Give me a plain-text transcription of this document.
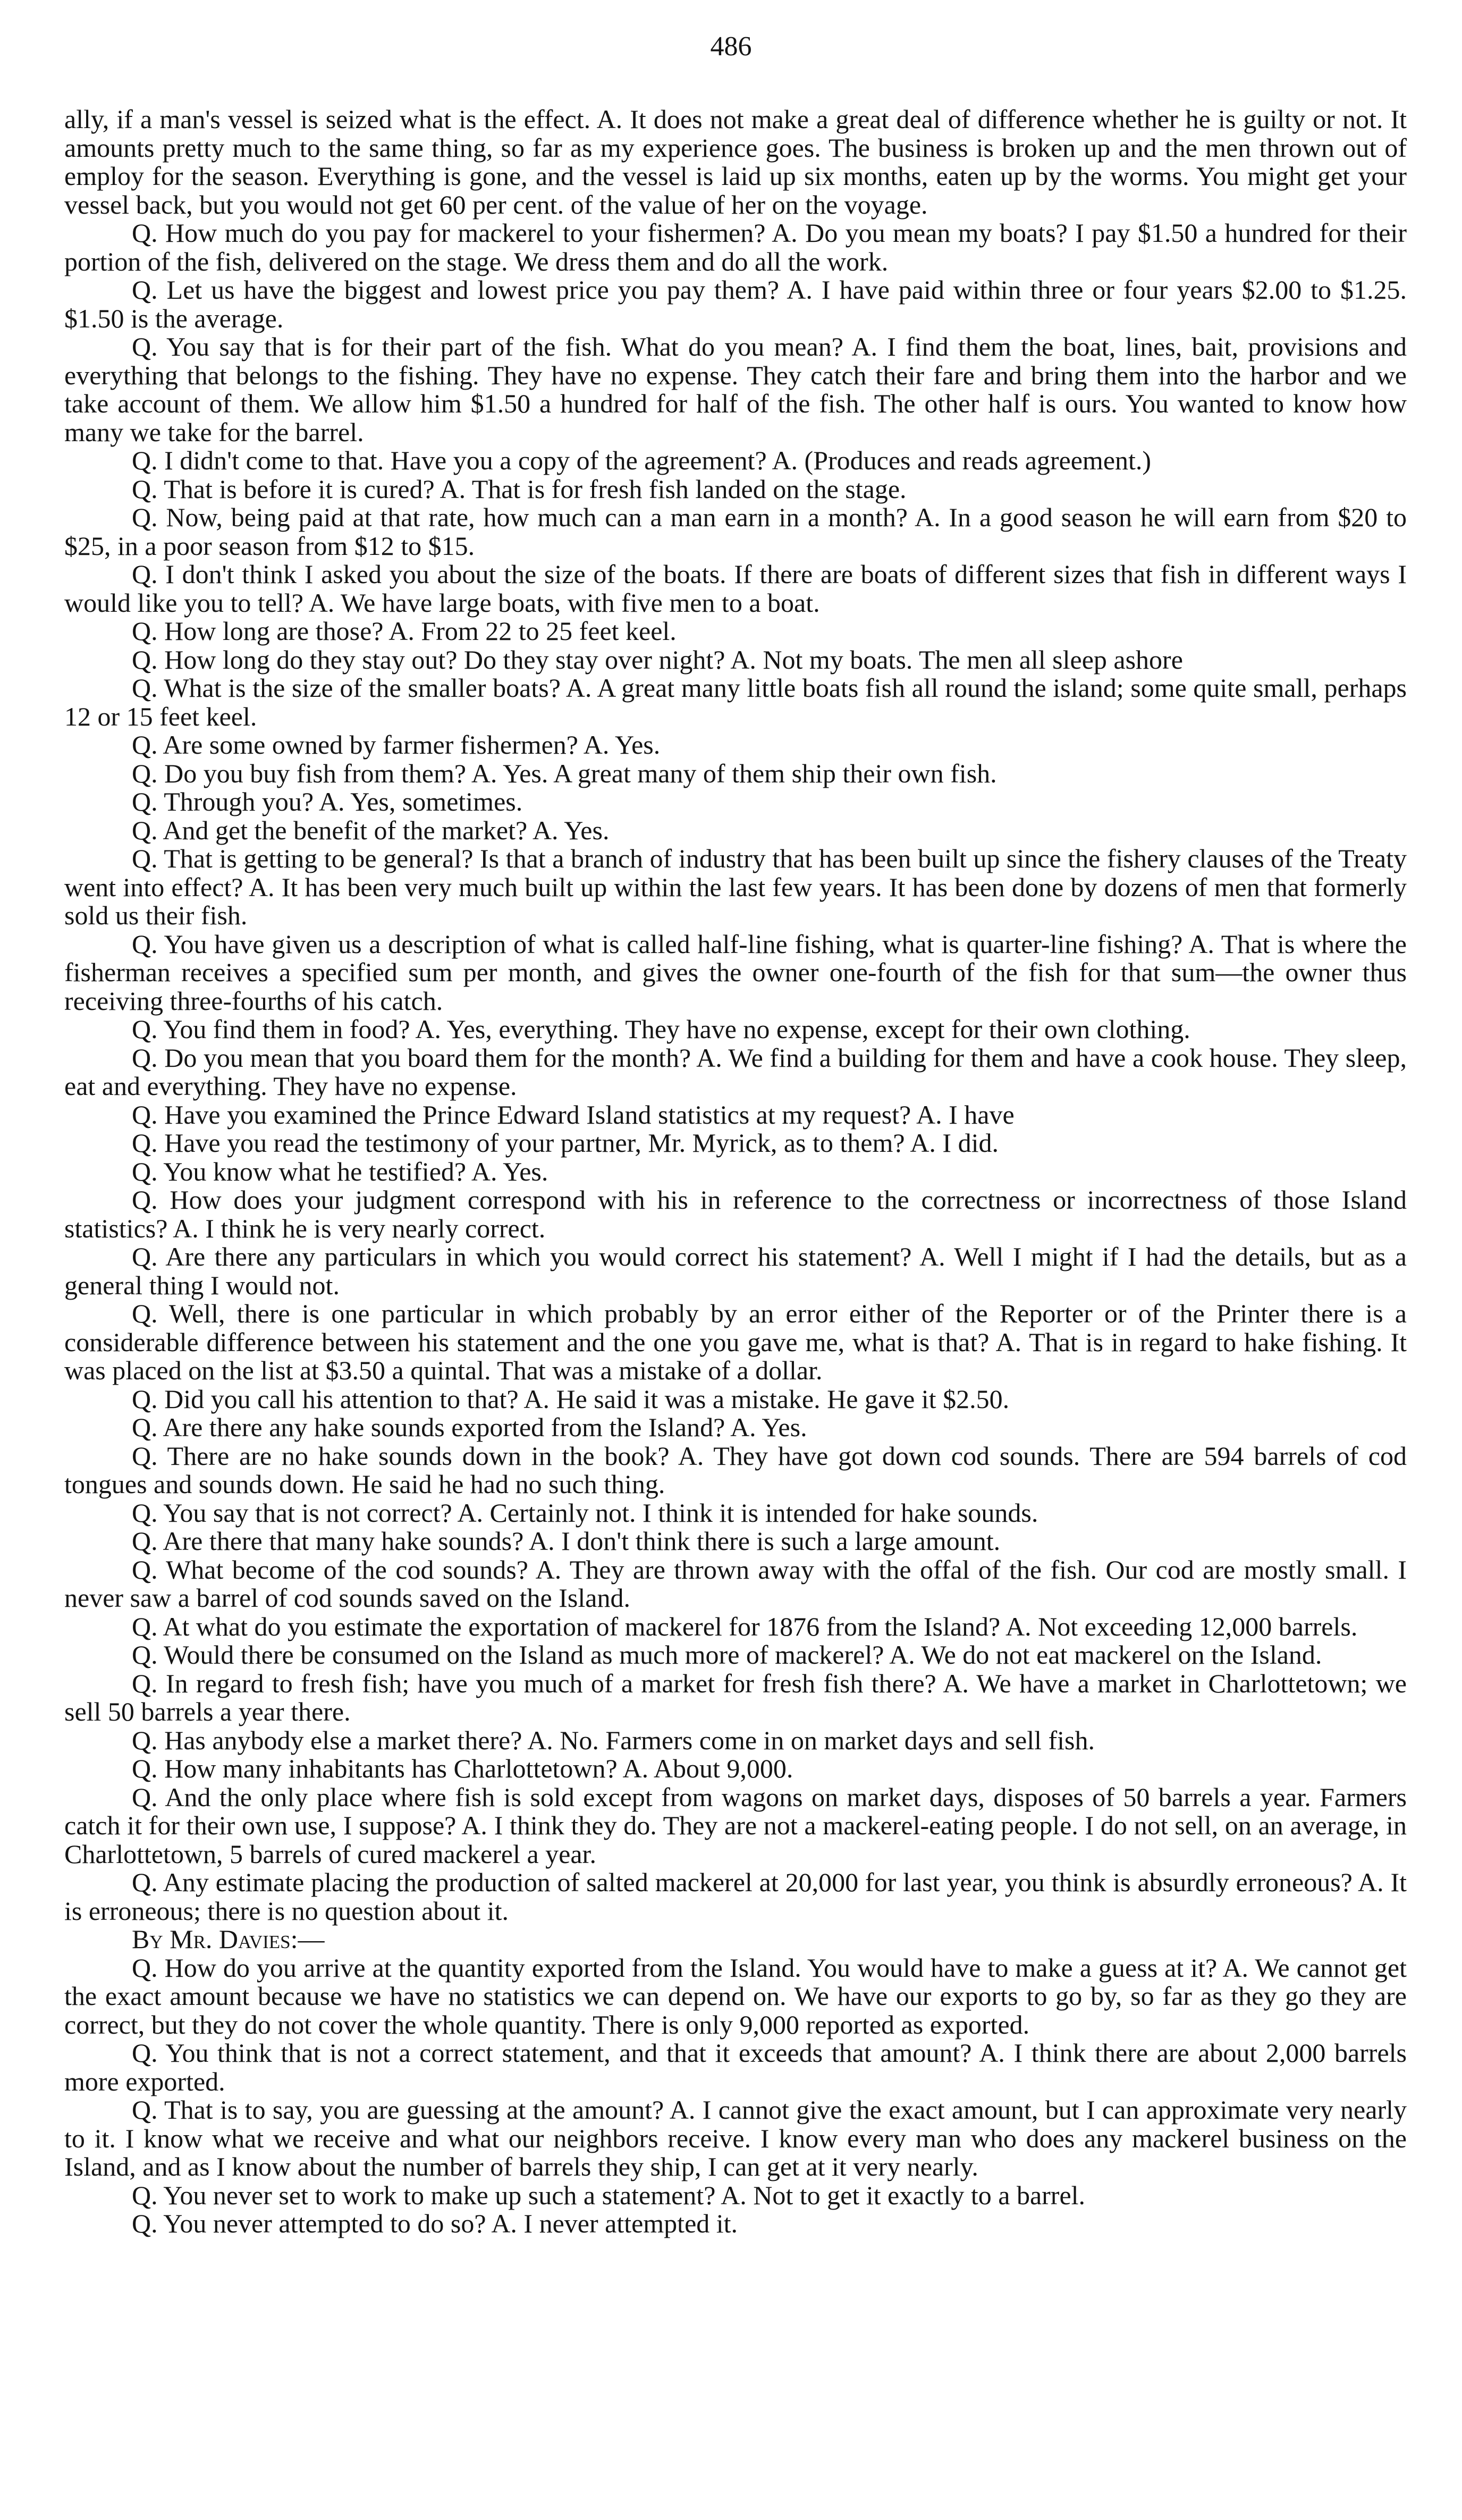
486

ally, if a man's vessel is seized what is the effect. A. It does not make a great deal of difference whether he is guilty or not. It amounts pretty much to the same thing, so far as my experience goes. The business is broken up and the men thrown out of employ for the season. Everything is gone, and the vessel is laid up six months, eaten up by the worms. You might get your vessel back, but you would not get 60 per cent. of the value of her on the voyage.

Q. How much do you pay for mackerel to your fishermen? A. Do you mean my boats? I pay $1.50 a hundred for their portion of the fish, delivered on the stage. We dress them and do all the work.

Q. Let us have the biggest and lowest price you pay them? A. I have paid within three or four years $2.00 to $1.25. $1.50 is the average.

Q. You say that is for their part of the fish. What do you mean? A. I find them the boat, lines, bait, provisions and everything that belongs to the fishing. They have no expense. They catch their fare and bring them into the harbor and we take account of them. We allow him $1.50 a hundred for half of the fish. The other half is ours. You wanted to know how many we take for the barrel.

Q. I didn't come to that. Have you a copy of the agreement? A. (Produces and reads agreement.)

Q. That is before it is cured? A. That is for fresh fish landed on the stage.

Q. Now, being paid at that rate, how much can a man earn in a month? A. In a good season he will earn from $20 to $25, in a poor season from $12 to $15.

Q. I don't think I asked you about the size of the boats. If there are boats of different sizes that fish in different ways I would like you to tell? A. We have large boats, with five men to a boat.

Q. How long are those? A. From 22 to 25 feet keel.

Q. How long do they stay out? Do they stay over night? A. Not my boats. The men all sleep ashore

Q. What is the size of the smaller boats? A. A great many little boats fish all round the island; some quite small, perhaps 12 or 15 feet keel.

Q. Are some owned by farmer fishermen? A. Yes.

Q. Do you buy fish from them? A. Yes. A great many of them ship their own fish.

Q. Through you? A. Yes, sometimes.

Q. And get the benefit of the market? A. Yes.

Q. That is getting to be general? Is that a branch of industry that has been built up since the fishery clauses of the Treaty went into effect? A. It has been very much built up within the last few years. It has been done by dozens of men that formerly sold us their fish.

Q. You have given us a description of what is called half-line fishing, what is quarter-line fishing? A. That is where the fisherman receives a specified sum per month, and gives the owner one-fourth of the fish for that sum—the owner thus receiving three-fourths of his catch.

Q. You find them in food? A. Yes, everything. They have no expense, except for their own clothing.

Q. Do you mean that you board them for the month? A. We find a building for them and have a cook house. They sleep, eat and everything. They have no expense.

Q. Have you examined the Prince Edward Island statistics at my request? A. I have

Q. Have you read the testimony of your partner, Mr. Myrick, as to them? A. I did.

Q. You know what he testified? A. Yes.

Q. How does your judgment correspond with his in reference to the correctness or incorrectness of those Island statistics? A. I think he is very nearly correct.

Q. Are there any particulars in which you would correct his statement? A. Well I might if I had the details, but as a general thing I would not.

Q. Well, there is one particular in which probably by an error either of the Reporter or of the Printer there is a considerable difference between his statement and the one you gave me, what is that? A. That is in regard to hake fishing. It was placed on the list at $3.50 a quintal. That was a mistake of a dollar.

Q. Did you call his attention to that? A. He said it was a mistake. He gave it $2.50.

Q. Are there any hake sounds exported from the Island? A. Yes.

Q. There are no hake sounds down in the book? A. They have got down cod sounds. There are 594 barrels of cod tongues and sounds down. He said he had no such thing.

Q. You say that is not correct? A. Certainly not. I think it is intended for hake sounds.

Q. Are there that many hake sounds? A. I don't think there is such a large amount.

Q. What become of the cod sounds? A. They are thrown away with the offal of the fish. Our cod are mostly small. I never saw a barrel of cod sounds saved on the Island.

Q. At what do you estimate the exportation of mackerel for 1876 from the Island? A. Not exceeding 12,000 barrels.

Q. Would there be consumed on the Island as much more of mackerel? A. We do not eat mackerel on the Island.

Q. In regard to fresh fish; have you much of a market for fresh fish there? A. We have a market in Charlottetown; we sell 50 barrels a year there.

Q. Has anybody else a market there? A. No. Farmers come in on market days and sell fish.

Q. How many inhabitants has Charlottetown? A. About 9,000.

Q. And the only place where fish is sold except from wagons on market days, disposes of 50 barrels a year. Farmers catch it for their own use, I suppose? A. I think they do. They are not a mackerel-eating people. I do not sell, on an average, in Charlottetown, 5 barrels of cured mackerel a year.

Q. Any estimate placing the production of salted mackerel at 20,000 for last year, you think is absurdly erroneous? A. It is erroneous; there is no question about it.

By Mr. Davies:—

Q. How do you arrive at the quantity exported from the Island. You would have to make a guess at it? A. We cannot get the exact amount because we have no statistics we can depend on. We have our exports to go by, so far as they go they are correct, but they do not cover the whole quantity. There is only 9,000 reported as exported.

Q. You think that is not a correct statement, and that it exceeds that amount? A. I think there are about 2,000 barrels more exported.

Q. That is to say, you are guessing at the amount? A. I cannot give the exact amount, but I can approximate very nearly to it. I know what we receive and what our neighbors receive. I know every man who does any mackerel business on the Island, and as I know about the number of barrels they ship, I can get at it very nearly.

Q. You never set to work to make up such a statement? A. Not to get it exactly to a barrel.

Q. You never attempted to do so? A. I never attempted it.
